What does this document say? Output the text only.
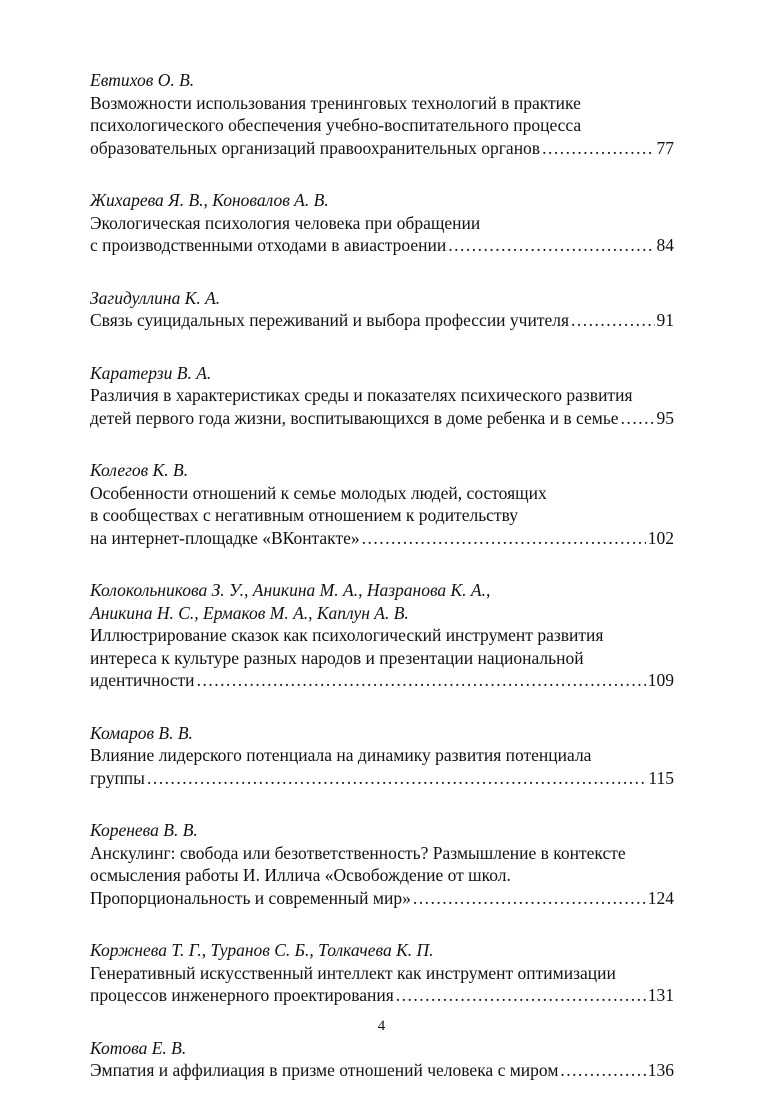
Евтихов О. В.
Возможности использования тренинговых технологий в практике
психологического обеспечения учебно-воспитательного процесса
образовательных организаций правоохранительных органов .....	77
Жихарева Я. В., Коновалов А. В.
Экологическая психология человека при обращении
с производственными отходами в авиастроении .....	84
Загидуллина К. А.
Связь суицидальных переживаний и выбора профессии учителя .....	91
Каратерзи В. А.
Различия в характеристиках среды и показателях психического развития
детей первого года жизни, воспитывающихся в доме ребенка и в семье ..... 95
Колегов К. В.
Особенности отношений к семье молодых людей, состоящих
в сообществах с негативным отношением к родительству
на интернет-площадке «ВКонтакте» .....	102
Колокольникова З. У., Аникина М. А., Назранова К. А.,
Аникина Н. С., Ермаков М. А., Каплун А. В.
Иллюстрирование сказок как психологический инструмент развития
интереса к культуре разных народов и презентации национальной
идентичности .....	109
Комаров В. В.
Влияние лидерского потенциала на динамику развития потенциала
группы .....	115
Коренева В. В.
Анскулинг: свобода или безответственность? Размышление в контексте
осмысления работы И. Иллича «Освобождение от школ.
Пропорциональность и современный мир» .....	124
Коржнева Т. Г., Туранов С. Б., Толкачева К. П.
Генеративный искусственный интеллект как инструмент оптимизации
процессов инженерного проектирования .....	131
Котова Е. В.
Эмпатия и аффилиация в призме отношений человека с миром .....	136
4
